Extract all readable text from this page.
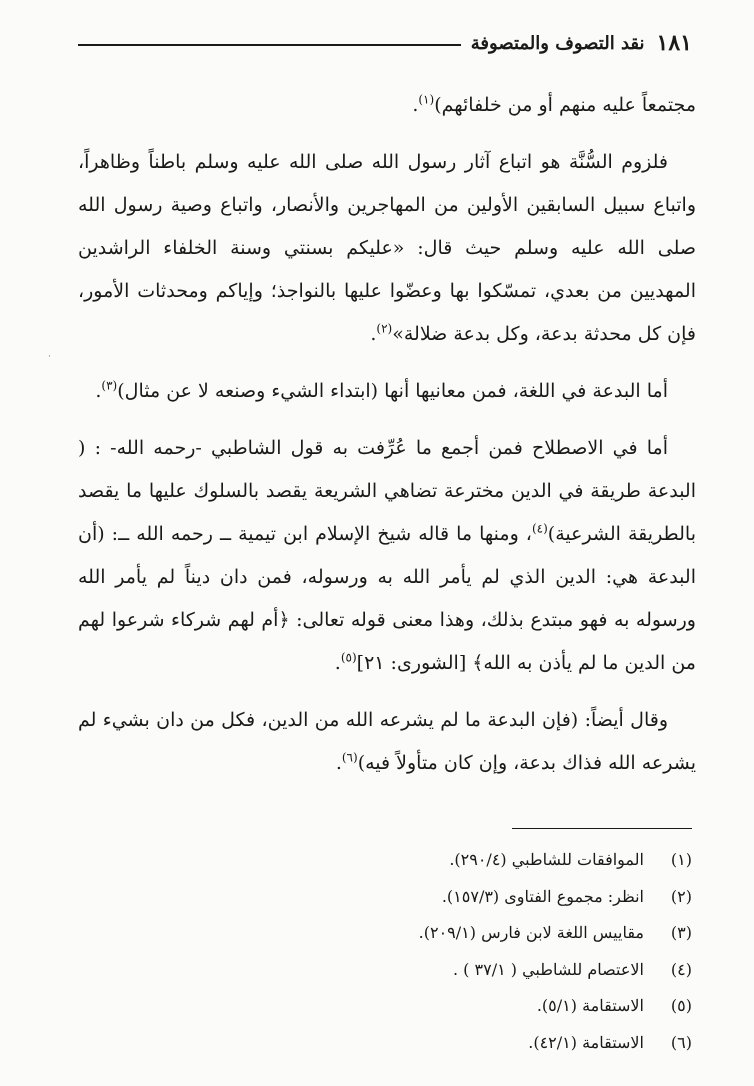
١٨١
نقد التصوف والمتصوفة

مجتمعاً عليه منهم أو من خلفائهم)$^{(١)}$.

فلزوم السُّنَّة هو اتباع آثار رسول الله صلى الله عليه وسلم باطناً وظاهراً، واتباع سبيل السابقين الأولين من المهاجرين والأنصار، واتباع وصية رسول الله صلى الله عليه وسلم حيث قال: «عليكم بسنتي وسنة الخلفاء الراشدين المهديين من بعدي، تمسّكوا بها وعضّوا عليها بالنواجذ؛ وإياكم ومحدثات الأمور، فإن كل محدثة بدعة، وكل بدعة ضلالة»$^{(٢)}$.

أما البدعة في اللغة، فمن معانيها أنها (ابتداء الشيء وصنعه لا عن مثال)$^{(٣)}$.

أما في الاصطلاح فمن أجمع ما عُرِّفت به قول الشاطبي -رحمه الله- : ( البدعة طريقة في الدين مخترعة تضاهي الشريعة يقصد بالسلوك عليها ما يقصد بالطريقة الشرعية)$^{(٤)}$، ومنها ما قاله شيخ الإسلام ابن تيمية ــ رحمه الله ــ: (أن البدعة هي: الدين الذي لم يأمر الله به ورسوله، فمن دان ديناً لم يأمر الله ورسوله به فهو مبتدع بذلك، وهذا معنى قوله تعالى: ﴿أم لهم شركاء شرعوا لهم من الدين ما لم يأذن به الله﴾ [الشورى: ٢١]$^{(٥)}$.

وقال أيضاً: (فإن البدعة ما لم يشرعه الله من الدين، فكل من دان بشيء لم يشرعه الله فذاك بدعة، وإن كان متأولاً فيه)$^{(٦)}$.

(١)
الموافقات للشاطبي (٢٩٠/٤).
(٢)
انظر: مجموع الفتاوى (١٥٧/٣).
(٣)
مقاييس اللغة لابن فارس (٢٠٩/١).
(٤)
الاعتصام للشاطبي ( ٣٧/١ ) .
(٥)
الاستقامة (٥/١).
(٦)
الاستقامة (٤٢/١).
·
